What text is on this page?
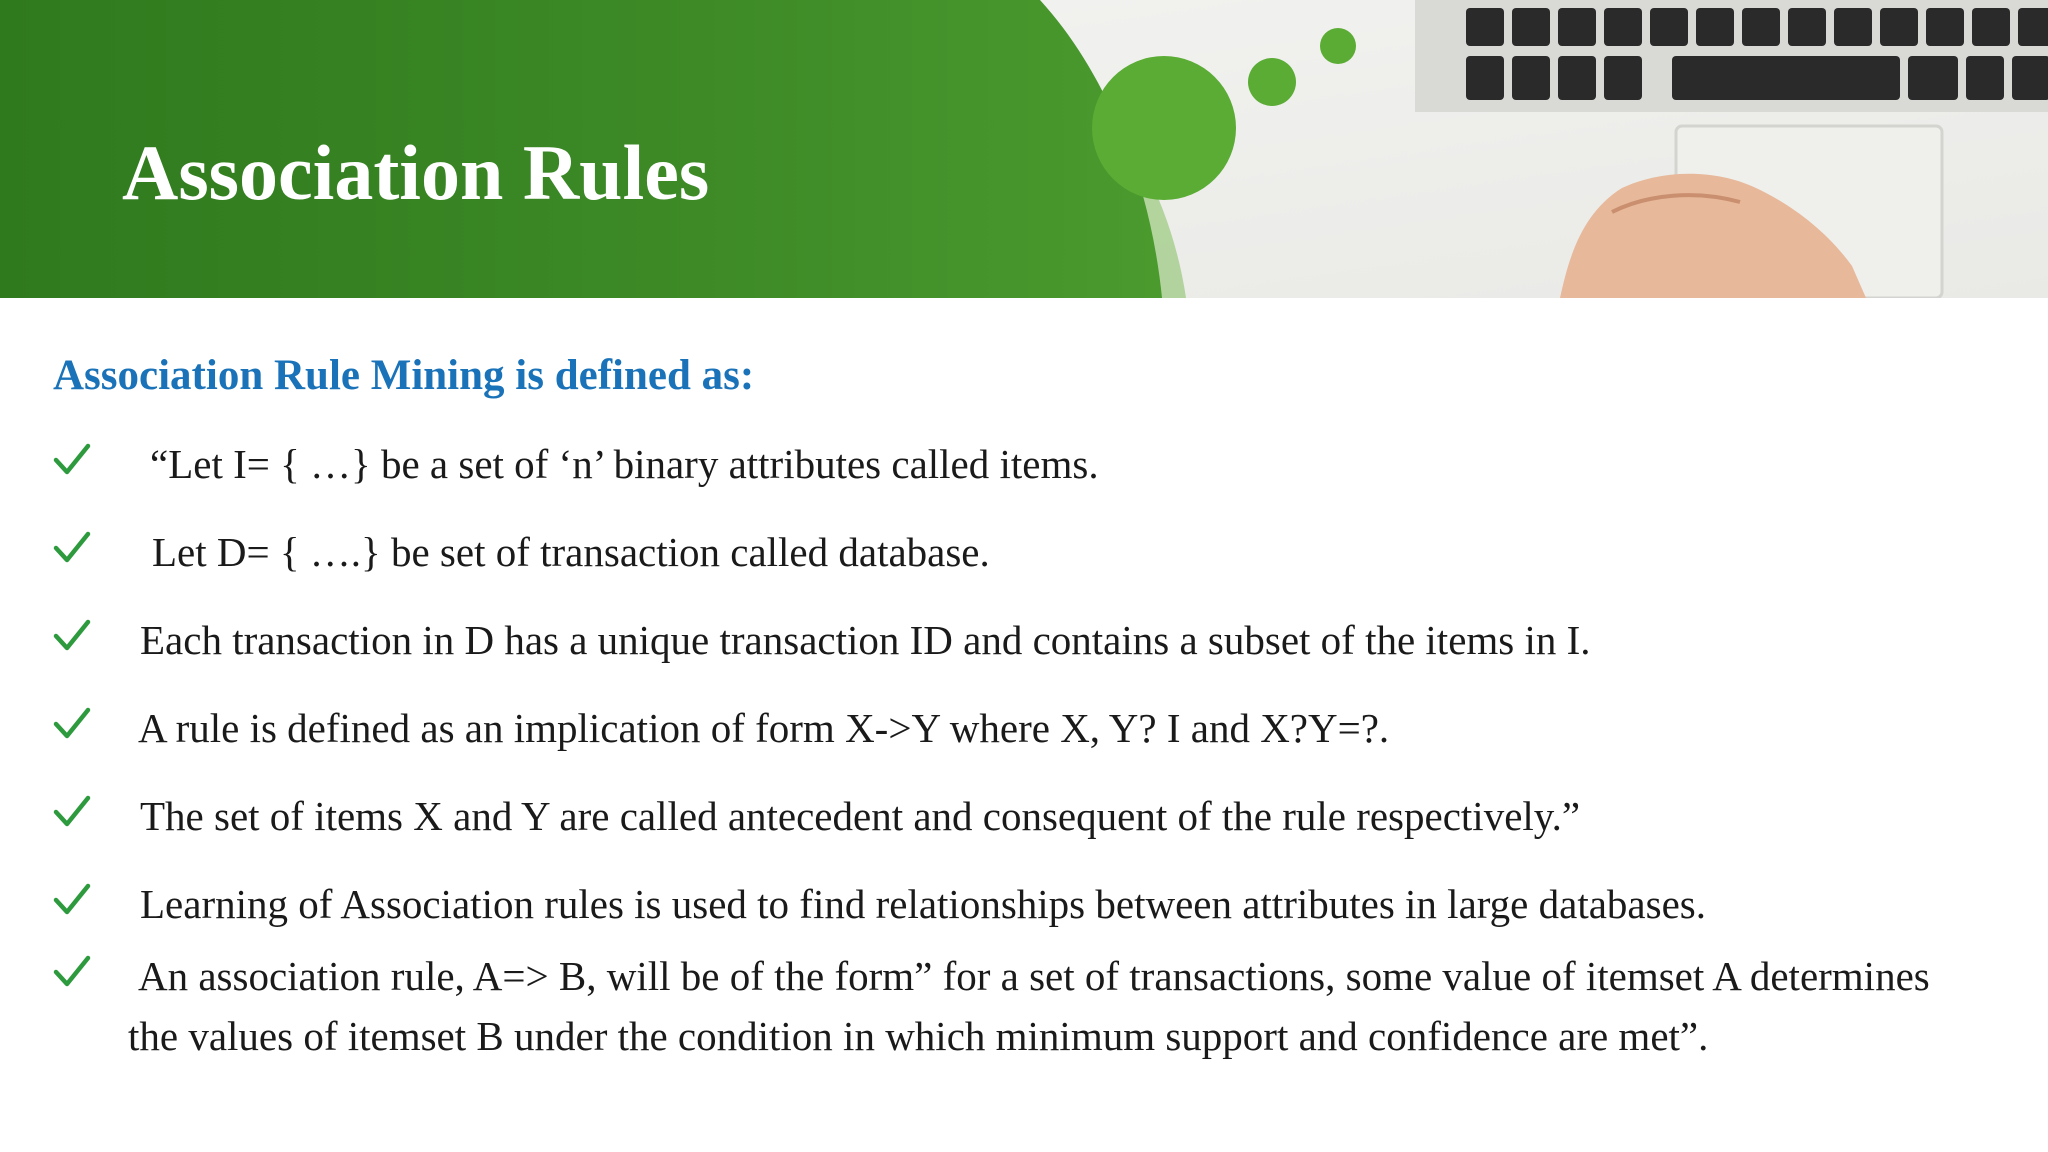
Association Rules
Association Rule Mining is defined as:
“Let I= { …} be a set of ‘n’ binary attributes called items.
Let D= { ….} be set of transaction called database.
Each transaction in D has a unique transaction ID and contains a subset of the items in I.
A rule is defined as an implication of form X->Y where X, Y? I and X?Y=?.
The set of items X and Y are called antecedent and consequent of the rule respectively.”
Learning of Association rules is used to find relationships between attributes in large databases.
An association rule, A=> B, will be of the form” for a set of transactions, some value of itemset A determines the values of itemset B under the condition in which minimum support and confidence are met”.
